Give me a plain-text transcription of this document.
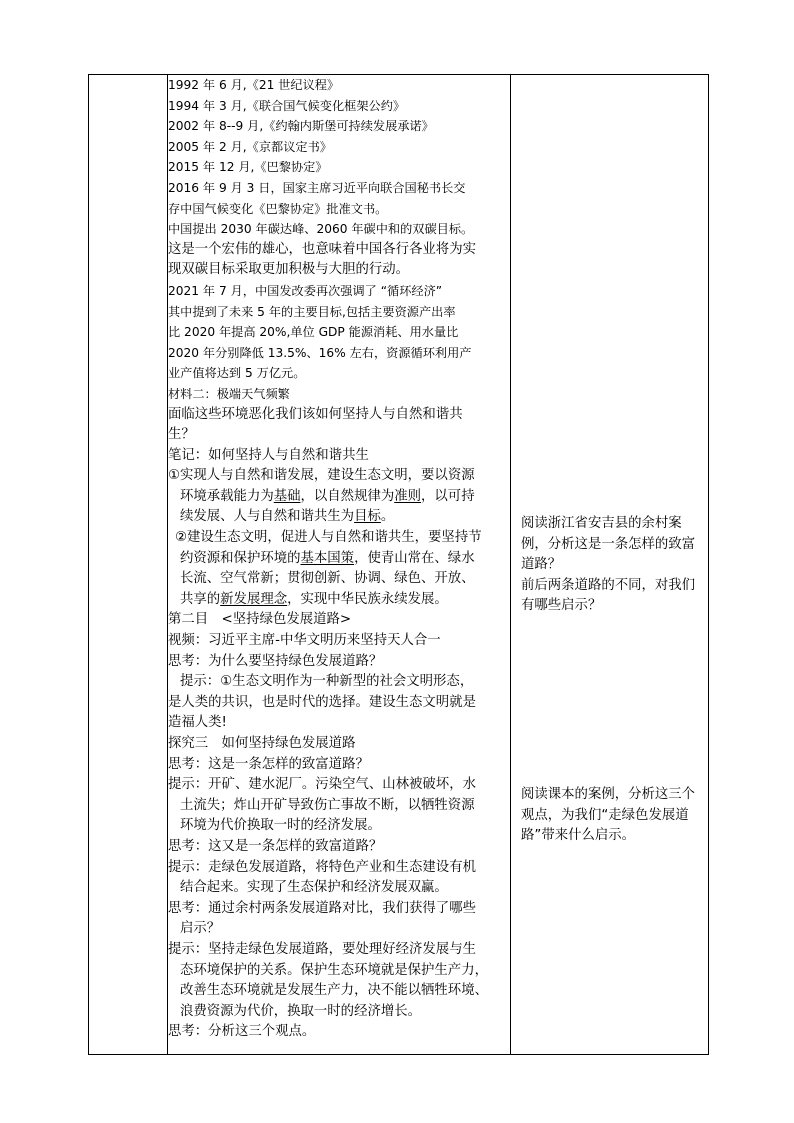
1992 年 6 月,《21 世纪议程》
1994 年 3 月,《联合国气候变化框架公约》
2002 年 8--9 月,《约翰内斯堡可持续发展承诺》
2005 年 2 月,《京都议定书》
2015 年 12 月,《巴黎协定》
2016 年 9 月 3 日，国家主席习近平向联合国秘书长交
存中国气候变化《巴黎协定》批准文书。
中国提出 2030 年碳达峰、2060 年碳中和的双碳目标。
这是一个宏伟的雄心，也意味着中国各行各业将为实
现双碳目标采取更加积极与大胆的行动。
2021 年 7 月，中国发改委再次强调了 “循环经济”
其中提到了未来 5 年的主要目标,包括主要资源产出率
比 2020 年提高 20%,单位 GDP 能源消耗、用水量比
2020 年分别降低 13.5%、16% 左右，资源循环利用产
业产值将达到 5 万亿元。
材料二：极端天气频繁
面临这些环境恶化我们该如何坚持人与自然和谐共
生？
笔记：如何坚持人与自然和谐共生
①实现人与自然和谐发展，建设生态文明，要以资源
环境承载能力为基础，以自然规律为准则，以可持
续发展、人与自然和谐共生为目标。
②建设生态文明，促进人与自然和谐共生，要坚持节
约资源和保护环境的基本国策，使青山常在、绿水
长流、空气常新；贯彻创新、协调、绿色、开放、
共享的新发展理念，实现中华民族永续发展。
第二目　<坚持绿色发展道路>
视频：习近平主席-中华文明历来坚持天人合一
思考：为什么要坚持绿色发展道路？
提示：①生态文明作为一种新型的社会文明形态，
是人类的共识，也是时代的选择。建设生态文明就是
造福人类!
探究三　如何坚持绿色发展道路
思考：这是一条怎样的致富道路？
提示：开矿、建水泥厂。污染空气、山林被破坏，水
土流失；炸山开矿导致伤亡事故不断，以牺牲资源
环境为代价换取一时的经济发展。
思考：这又是一条怎样的致富道路？
提示：走绿色发展道路，将特色产业和生态建设有机
结合起来。实现了生态保护和经济发展双赢。
思考：通过余村两条发展道路对比，我们获得了哪些
启示？
提示：坚持走绿色发展道路，要处理好经济发展与生
态环境保护的关系。保护生态环境就是保护生产力，
改善生态环境就是发展生产力，决不能以牺牲环境、
浪费资源为代价，换取一时的经济增长。
思考：分析这三个观点。

阅读浙江省安吉县的余村案
例，分析这是一条怎样的致富
道路？
前后两条道路的不同，对我们
有哪些启示？
阅读课本的案例，分析这三个
观点，为我们“走绿色发展道
路”带来什么启示。
